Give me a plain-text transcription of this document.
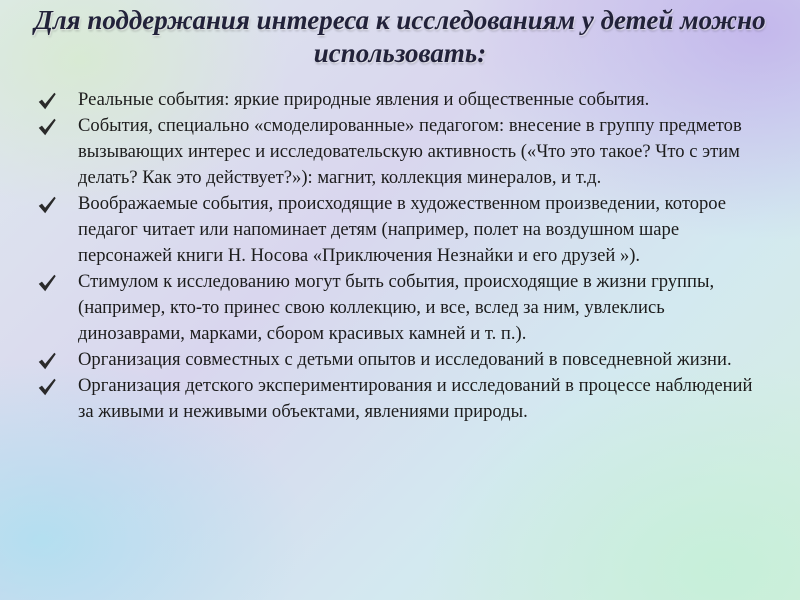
Для поддержания интереса к исследованиям у детей можно использовать:
Реальные события: яркие природные явления и общественные события.
События, специально «смоделированные» педагогом: внесение в группу предметов вызывающих интерес и исследовательскую активность («Что это такое? Что с этим делать? Как это действует?»): магнит, коллекция минералов, и т.д.
Воображаемые события, происходящие в художественном произведении, которое педагог читает или напоминает детям (например, полет на воздушном шаре персонажей книги Н. Носова «Приключения Незнайки и его друзей »).
Стимулом к исследованию могут быть события, происходящие в жизни группы, (например, кто-то принес свою коллекцию, и все, вслед за ним, увлеклись динозаврами, марками, сбором красивых камней и т. п.).
Организация совместных с детьми опытов и исследований в повседневной жизни.
Организация детского экспериментирования и исследований в процессе наблюдений за живыми и неживыми объектами, явлениями природы.
